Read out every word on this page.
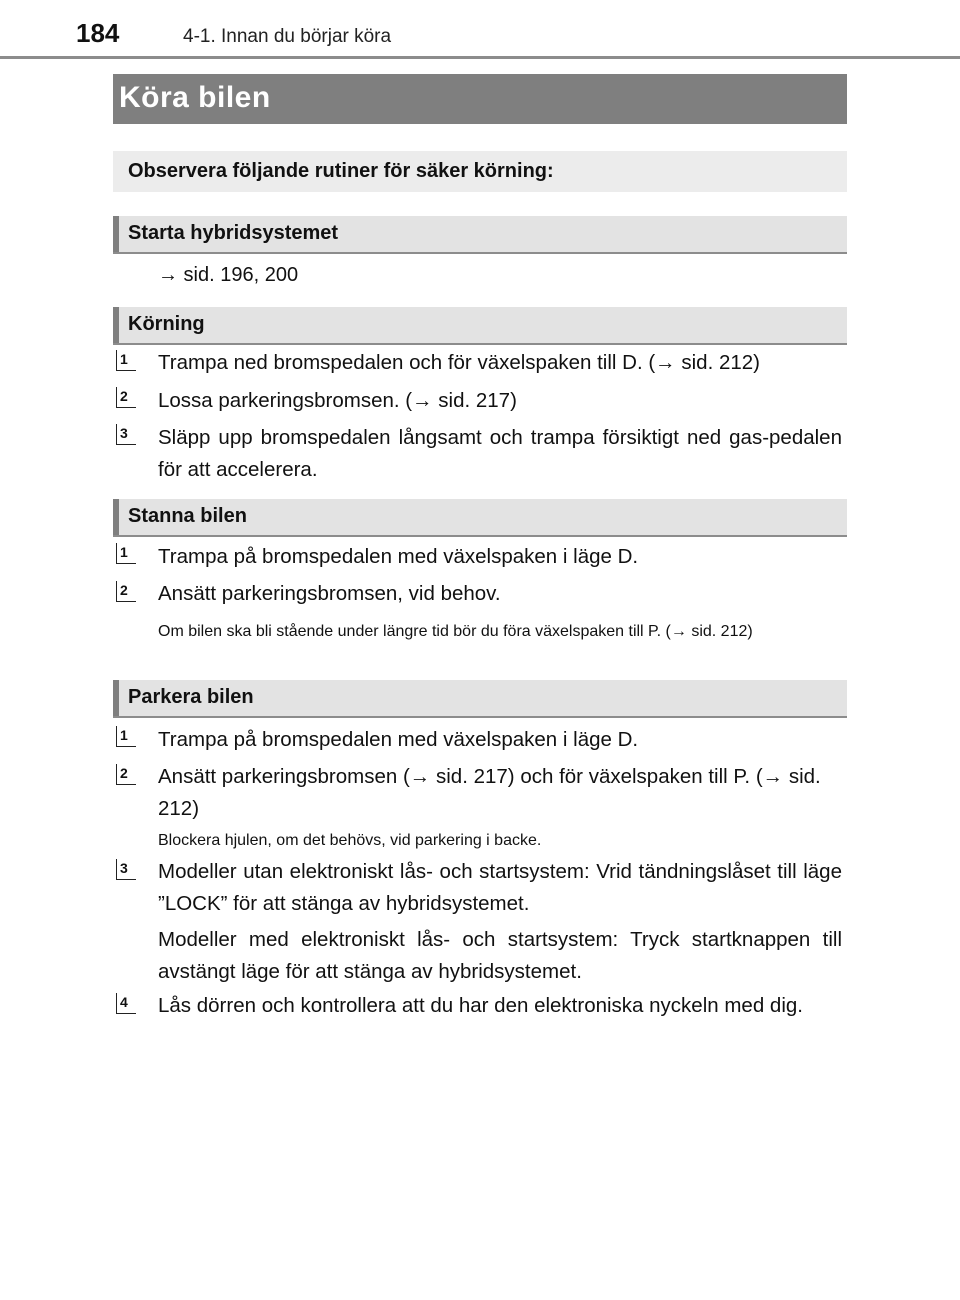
184	4-1. Innan du börjar köra
Köra bilen
Observera följande rutiner för säker körning:
Starta hybridsystemet
→ sid. 196, 200
Körning
1 Trampa ned bromspedalen och för växelspaken till D. (→ sid. 212)
2 Lossa parkeringsbromsen. (→ sid. 217)
3 Släpp upp bromspedalen långsamt och trampa försiktigt ned gas-pedalen för att accelerera.
Stanna bilen
1 Trampa på bromspedalen med växelspaken i läge D.
2 Ansätt parkeringsbromsen, vid behov.
Om bilen ska bli stående under längre tid bör du föra växelspaken till P. (→ sid. 212)
Parkera bilen
1 Trampa på bromspedalen med växelspaken i läge D.
2 Ansätt parkeringsbromsen (→ sid. 217) och för växelspaken till P. (→ sid. 212)
Blockera hjulen, om det behövs, vid parkering i backe.
3 Modeller utan elektroniskt lås- och startsystem: Vrid tändningslåset till läge ”LOCK” för att stänga av hybridsystemet.
Modeller med elektroniskt lås- och startsystem: Tryck startknappen till avstängt läge för att stänga av hybridsystemet.
4 Lås dörren och kontrollera att du har den elektroniska nyckeln med dig.
